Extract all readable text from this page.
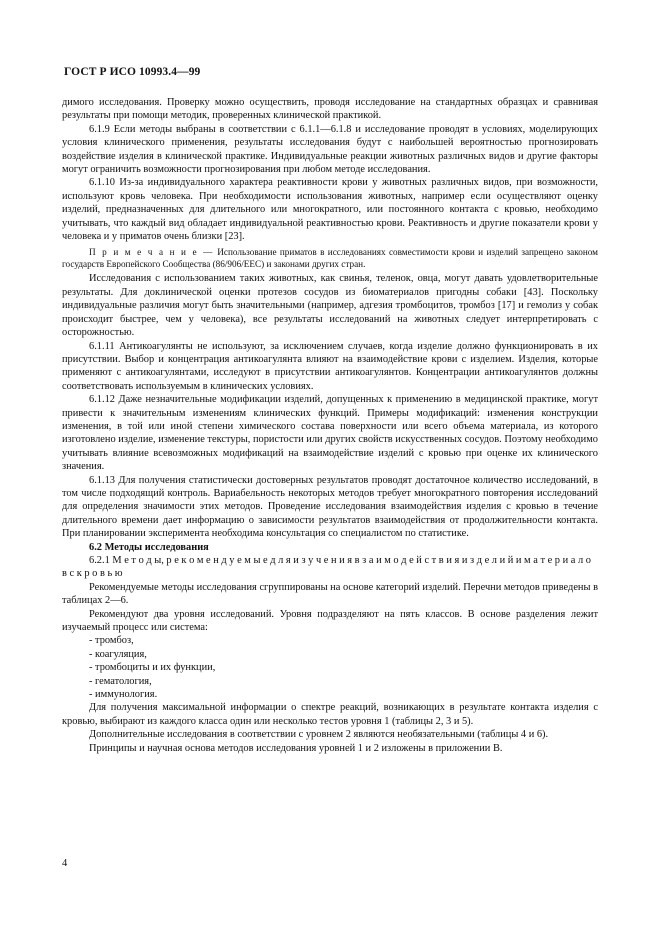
ГОСТ Р ИСО 10993.4—99

димого исследования. Проверку можно осуществить, проводя исследование на стандартных образцах и сравнивая результаты при помощи методик, проверенных клинической практикой.

6.1.9 Если методы выбраны в соответствии с 6.1.1—6.1.8 и исследование проводят в условиях, моделирующих условия клинического применения, результаты исследования будут с наибольшей вероятностью прогнозировать воздействие изделия в клинической практике. Индивидуальные реакции животных различных видов и другие факторы могут ограничить возможности прогнозирования при любом методе исследования.

6.1.10 Из-за индивидуального характера реактивности крови у животных различных видов, при возможности, используют кровь человека. При необходимости использования животных, например если осуществляют оценку изделий, предназначенных для длительного или многократного, или постоянного контакта с кровью, необходимо учитывать, что каждый вид обладает индивидуальной реактивностью крови. Реактивность и другие показатели крови у человека и у приматов очень близки [23].

П р и м е ч а н и е — Использование приматов в исследованиях совместимости крови и изделий запрещено законом государств Европейского Сообщества (86/906/ЕЕС) и законами других стран.

Исследования с использованием таких животных, как свинья, теленок, овца, могут давать удовлетворительные результаты. Для доклинической оценки протезов сосудов из биоматериалов пригодны собаки [43]. Поскольку индивидуальные различия могут быть значительными (например, адгезия тромбоцитов, тромбоз [17] и гемолиз у собак происходит быстрее, чем у человека), все результаты исследований на животных следует интерпретировать с осторожностью.

6.1.11 Антикоагулянты не используют, за исключением случаев, когда изделие должно функционировать в их присутствии. Выбор и концентрация антикоагулянта влияют на взаимодействие крови с изделием. Изделия, которые применяют с антикоагулянтами, исследуют в присутствии антикоагулянтов. Концентрации антикоагулянтов должны соответствовать используемым в клинических условиях.

6.1.12 Даже незначительные модификации изделий, допущенных к применению в медицинской практике, могут привести к значительным изменениям клинических функций. Примеры модификаций: изменения конструкции изменения, в той или иной степени химического состава поверхности или всего объема материала, из которого изготовлено изделие, изменение текстуры, пористости или других свойств искусственных сосудов. Поэтому необходимо учитывать влияние всевозможных модификаций на взаимодействие изделий с кровью при оценке их клинического значения.

6.1.13 Для получения статистически достоверных результатов проводят достаточное количество исследований, в том числе подходящий контроль. Вариабельность некоторых методов требует многократного повторения исследований для определения значимости этих методов. Проведение исследования взаимодействия изделия с кровью в течение длительного времени дает информацию о зависимости результатов взаимодействия от продолжительности контакта. При планировании эксперимента необходима консультация со специалистом по статистике.

6.2 Методы исследования

6.2.1 М е т о д ы, р е к о м е н д у е м ы е д л я и з у ч е н и я в з а и м о д е й с т в и я и з д е л и й и м а т е р и а л о в с к р о в ь ю

Рекомендуемые методы исследования сгруппированы на основе категорий изделий. Перечни методов приведены в таблицах 2—6.

Рекомендуют два уровня исследований. Уровня подразделяют на пять классов. В основе разделения лежит изучаемый процесс или система:

- тромбоз,

- коагуляция,

- тромбоциты и их функции,

- гематология,

- иммунология.

Для получения максимальной информации о спектре реакций, возникающих в результате контакта изделия с кровью, выбирают из каждого класса один или несколько тестов уровня 1 (таблицы 2, 3 и 5).

Дополнительные исследования в соответствии с уровнем 2 являются необязательными (таблицы 4 и 6).

Принципы и научная основа методов исследования уровней 1 и 2 изложены в приложении В.

4
